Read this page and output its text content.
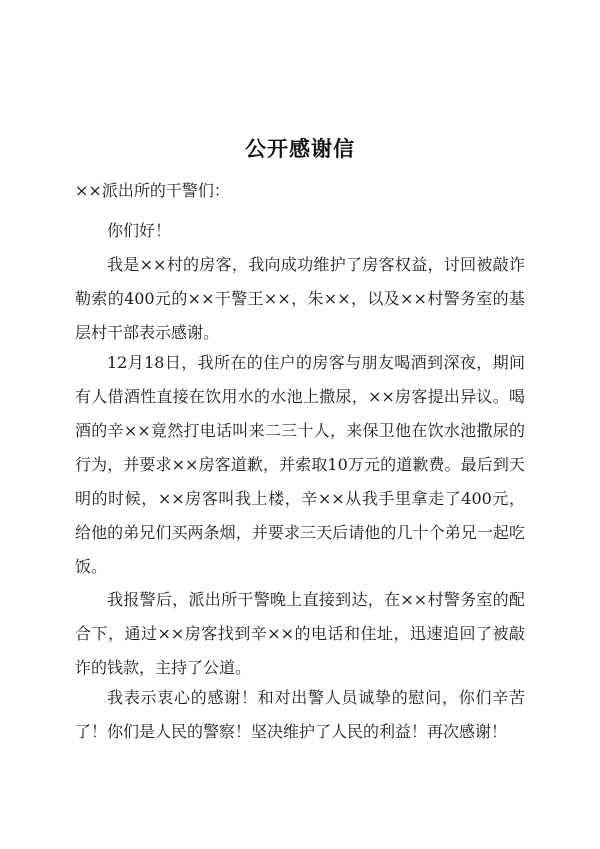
公开感谢信
××派出所的干警们：
你们好！

我是××村的房客，我向成功维护了房客权益，讨回被敲诈勒索的400元的××干警王××，朱××，以及××村警务室的基层村干部表示感谢。

12月18日，我所在的住户的房客与朋友喝酒到深夜，期间有人借酒性直接在饮用水的水池上撒尿，××房客提出异议。喝酒的辛××竟然打电话叫来二三十人，来保卫他在饮水池撒尿的行为，并要求××房客道歉，并索取10万元的道歉费。最后到天明的时候，××房客叫我上楼，辛××从我手里拿走了400元，给他的弟兄们买两条烟，并要求三天后请他的几十个弟兄一起吃饭。

我报警后，派出所干警晚上直接到达，在××村警务室的配合下，通过××房客找到辛××的电话和住址，迅速追回了被敲诈的钱款，主持了公道。

我表示衷心的感谢！和对出警人员诚挚的慰问，你们辛苦了！你们是人民的警察！坚决维护了人民的利益！再次感谢！
